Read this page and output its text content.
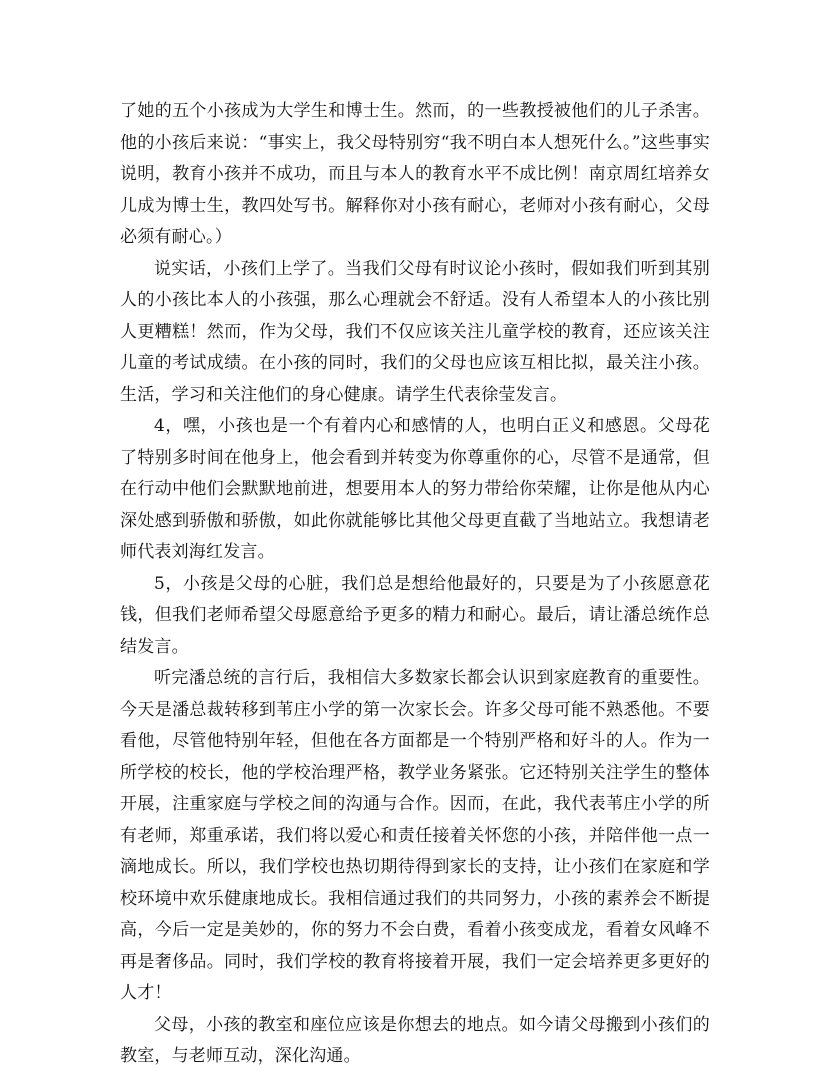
了她的五个小孩成为大学生和博士生。然而，的一些教授被他们的儿子杀害。他的小孩后来说：“事实上，我父母特别穷“我不明白本人想死什么。”这些事实说明，教育小孩并不成功，而且与本人的教育水平不成比例！南京周红培养女儿成为博士生，教四处写书。解释你对小孩有耐心，老师对小孩有耐心，父母必须有耐心。）

说实话，小孩们上学了。当我们父母有时议论小孩时，假如我们听到其别人的小孩比本人的小孩强，那么心理就会不舒适。没有人希望本人的小孩比别人更糟糕！然而，作为父母，我们不仅应该关注儿童学校的教育，还应该关注儿童的考试成绩。在小孩的同时，我们的父母也应该互相比拟，最关注小孩。生活，学习和关注他们的身心健康。请学生代表徐莹发言。

4，嘿，小孩也是一个有着内心和感情的人，也明白正义和感恩。父母花了特别多时间在他身上，他会看到并转变为你尊重你的心，尽管不是通常，但在行动中他们会默默地前进，想要用本人的努力带给你荣耀，让你是他从内心深处感到骄傲和骄傲，如此你就能够比其他父母更直截了当地站立。我想请老师代表刘海红发言。

5，小孩是父母的心脏，我们总是想给他最好的，只要是为了小孩愿意花钱，但我们老师希望父母愿意给予更多的精力和耐心。最后，请让潘总统作总结发言。

听完潘总统的言行后，我相信大多数家长都会认识到家庭教育的重要性。今天是潘总裁转移到苇庄小学的第一次家长会。许多父母可能不熟悉他。不要看他，尽管他特别年轻，但他在各方面都是一个特别严格和好斗的人。作为一所学校的校长，他的学校治理严格，教学业务紧张。它还特别关注学生的整体开展，注重家庭与学校之间的沟通与合作。因而，在此，我代表苇庄小学的所有老师，郑重承诺，我们将以爱心和责任接着关怀您的小孩，并陪伴他一点一滴地成长。所以，我们学校也热切期待得到家长的支持，让小孩们在家庭和学校环境中欢乐健康地成长。我相信通过我们的共同努力，小孩的素养会不断提高，今后一定是美妙的，你的努力不会白费，看着小孩变成龙，看着女风峰不再是奢侈品。同时，我们学校的教育将接着开展，我们一定会培养更多更好的人才！

父母，小孩的教室和座位应该是你想去的地点。如今请父母搬到小孩们的教室，与老师互动，深化沟通。
